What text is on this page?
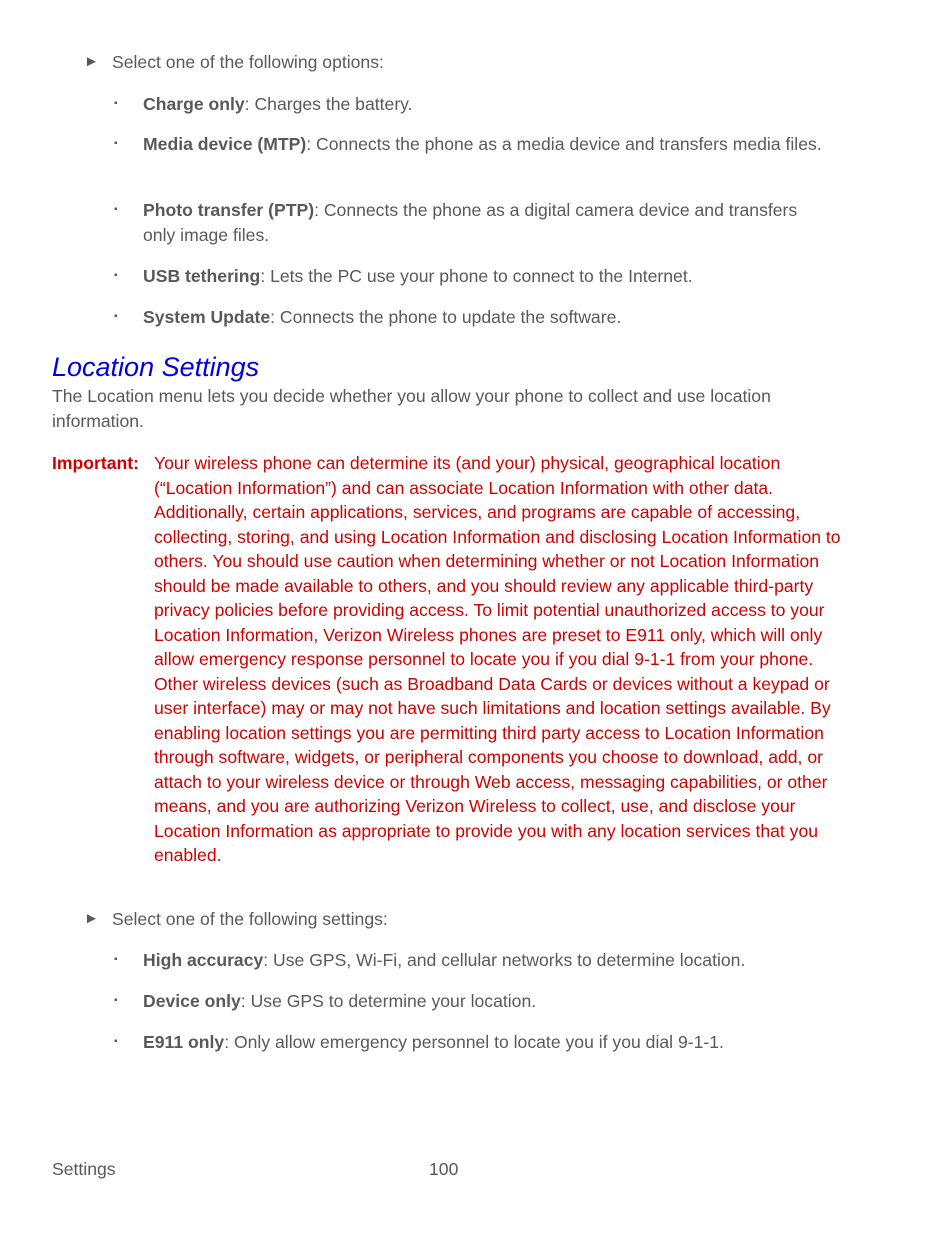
► Select one of the following options:
▪	Charge only: Charges the battery.
▪	Media device (MTP): Connects the phone as a media device and transfers media files.
▪	Photo transfer (PTP): Connects the phone as a digital camera device and transfers only image files.
▪	USB tethering: Lets the PC use your phone to connect to the Internet.
▪	System Update: Connects the phone to update the software.
Location Settings
The Location menu lets you decide whether you allow your phone to collect and use location information.
Important: Your wireless phone can determine its (and your) physical, geographical location (“Location Information”) and can associate Location Information with other data. Additionally, certain applications, services, and programs are capable of accessing, collecting, storing, and using Location Information and disclosing Location Information to others. You should use caution when determining whether or not Location Information should be made available to others, and you should review any applicable third-party privacy policies before providing access. To limit potential unauthorized access to your Location Information, Verizon Wireless phones are preset to E911 only, which will only allow emergency response personnel to locate you if you dial 9-1-1 from your phone. Other wireless devices (such as Broadband Data Cards or devices without a keypad or user interface) may or may not have such limitations and location settings available. By enabling location settings you are permitting third party access to Location Information through software, widgets, or peripheral components you choose to download, add, or attach to your wireless device or through Web access, messaging capabilities, or other means, and you are authorizing Verizon Wireless to collect, use, and disclose your Location Information as appropriate to provide you with any location services that you enabled.
► Select one of the following settings:
▪	High accuracy: Use GPS, Wi-Fi, and cellular networks to determine location.
▪	Device only: Use GPS to determine your location.
▪	E911 only: Only allow emergency personnel to locate you if you dial 9-1-1.
Settings	100
